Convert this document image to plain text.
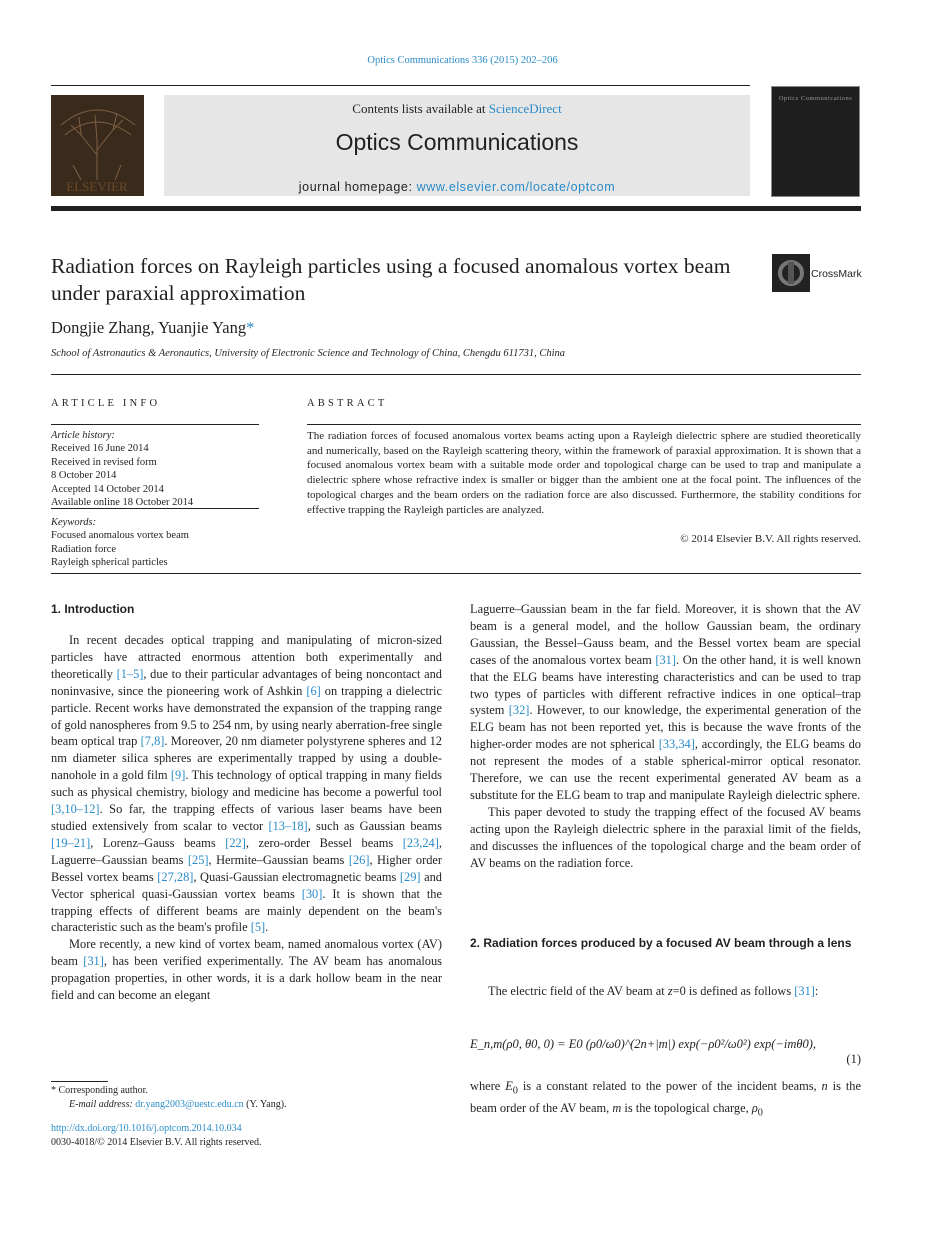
Optics Communications 336 (2015) 202–206
ELSEVIER
Contents lists available at ScienceDirect
Optics Communications
journal homepage: www.elsevier.com/locate/optcom
Optics Communications
Radiation forces on Rayleigh particles using a focused anomalous vortex beam under paraxial approximation
CrossMark
Dongjie Zhang, Yuanjie Yang*
School of Astronautics & Aeronautics, University of Electronic Science and Technology of China, Chengdu 611731, China
ARTICLE INFO	ABSTRACT
Article history:
Received 16 June 2014
Received in revised form
8 October 2014
Accepted 14 October 2014
Available online 18 October 2014
Keywords:
Focused anomalous vortex beam
Radiation force
Rayleigh spherical particles
The radiation forces of focused anomalous vortex beams acting upon a Rayleigh dielectric sphere are studied theoretically and numerically, based on the Rayleigh scattering theory, within the framework of paraxial approximation. It is shown that a focused anomalous vortex beam with a suitable mode order and topological charge can be used to trap and manipulate a dielectric sphere whose refractive index is smaller or bigger than the ambient one at the focal point. The influences of the topological charges and the beam orders on the radiation force are also discussed. Furthermore, the stability conditions for effective trapping the Rayleigh particles are analyzed.
© 2014 Elsevier B.V. All rights reserved.
1. Introduction

In recent decades optical trapping and manipulating of micron-sized particles have attracted enormous attention both experimentally and theoretically [1–5], due to their particular advantages of being noncontact and noninvasive, since the pioneering work of Ashkin [6] on trapping a dielectric particle. Recent works have demonstrated the expansion of the trapping range of gold nanospheres from 9.5 to 254 nm, by using nearly aberration-free single beam optical trap [7,8]. Moreover, 20 nm diameter polystyrene spheres and 12 nm diameter silica spheres are experimentally trapped by using a double-nanohole in a gold film [9]. This technology of optical trapping in many fields such as physical chemistry, biology and medicine has become a powerful tool [3,10–12]. So far, the trapping effects of various laser beams have been studied extensively from scalar to vector [13–18], such as Gaussian beams [19–21], Lorenz–Gauss beams [22], zero-order Bessel beams [23,24], Laguerre–Gaussian beams [25], Hermite–Gaussian beams [26], Higher order Bessel vortex beams [27,28], Quasi-Gaussian electromagnetic beams [29] and Vector spherical quasi-Gaussian vortex beams [30]. It is shown that the trapping effects of different beams are mainly dependent on the beam's characteristic such as the beam's profile [5].

More recently, a new kind of vortex beam, named anomalous vortex (AV) beam [31], has been verified experimentally. The AV beam has anomalous propagation properties, in other words, it is a dark hollow beam in the near field and can become an elegant

Laguerre–Gaussian beam in the far field. Moreover, it is shown that the AV beam is a general model, and the hollow Gaussian beam, the ordinary Gaussian, the Bessel–Gauss beam, and the Bessel vortex beam are special cases of the anomalous vortex beam [31]. On the other hand, it is well known that the ELG beams have interesting characteristics and can be used to trap two types of particles with different refractive indices in one optical–trap system [32]. However, to our knowledge, the experimental generation of the ELG beam has not been reported yet, this is because the wave fronts of the higher-order modes are not spherical [33,34], accordingly, the ELG beams do not represent the modes of a stable spherical-mirror optical resonator. Therefore, we can use the recent experimental generated AV beam as a substitute for the ELG beam to trap and manipulate Rayleigh dielectric sphere.

This paper devoted to study the trapping effect of the focused AV beams acting upon the Rayleigh dielectric sphere in the paraxial limit of the fields, and discusses the influences of the topological charge and the beam order of AV beams on the radiation force.

2. Radiation forces produced by a focused AV beam through a lens

The electric field of the AV beam at z=0 is defined as follows [31]:

E_n,m(ρ0, θ0, 0) = E0 (ρ0/ω0)^(2n+|m|) exp(−ρ0²/ω0²) exp(−imθ0),
(1)

where $E_0$ is a constant related to the power of the incident beams, n is the beam order of the AV beam, m is the topological charge, $\rho_0$

* Corresponding author.
E-mail address: dr.yang2003@uestc.edu.cn (Y. Yang).
http://dx.doi.org/10.1016/j.optcom.2014.10.034
0030-4018/© 2014 Elsevier B.V. All rights reserved.
